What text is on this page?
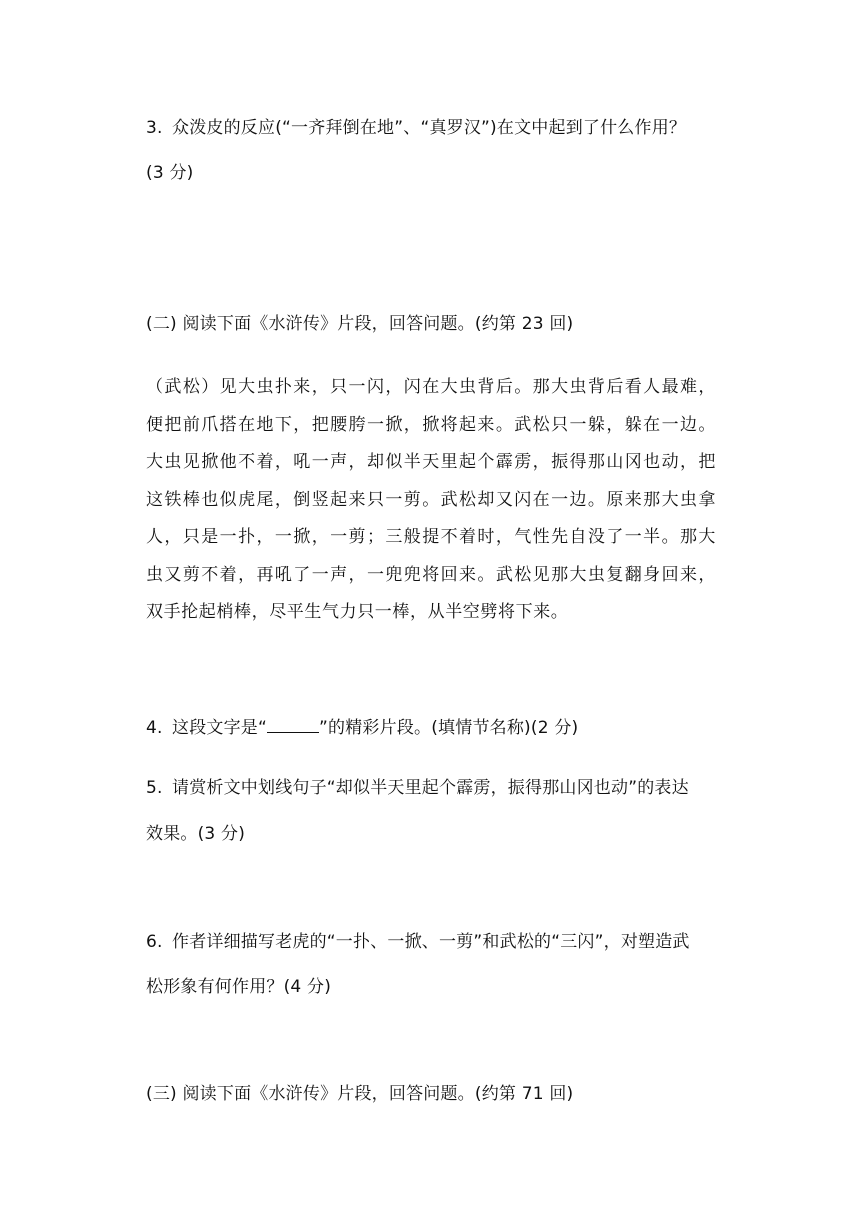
3. 众泼皮的反应(“一齐拜倒在地”、“真罗汉”)在文中起到了什么作用？
(3 分)
(二) 阅读下面《水浒传》片段，回答问题。(约第 23 回)
（武松）见大虫扑来，只一闪，闪在大虫背后。那大虫背后看人最难，
便把前爪搭在地下，把腰胯一掀，掀将起来。武松只一躲，躲在一边。
大虫见掀他不着，吼一声，却似半天里起个霹雳，振得那山冈也动，把
这铁棒也似虎尾，倒竖起来只一剪。武松却又闪在一边。原来那大虫拿
人，只是一扑，一掀，一剪；三般提不着时，气性先自没了一半。那大
虫又剪不着，再吼了一声，一兜兜将回来。武松见那大虫复翻身回来，
双手抡起梢棒，尽平生气力只一棒，从半空劈将下来。
4. 这段文字是“	”的精彩片段。(填情节名称)(2 分)
5. 请赏析文中划线句子“却似半天里起个霹雳，振得那山冈也动”的表达
效果。(3 分)
6. 作者详细描写老虎的“一扑、一掀、一剪”和武松的“三闪”，对塑造武
松形象有何作用？(4 分)
(三) 阅读下面《水浒传》片段，回答问题。(约第 71 回)
